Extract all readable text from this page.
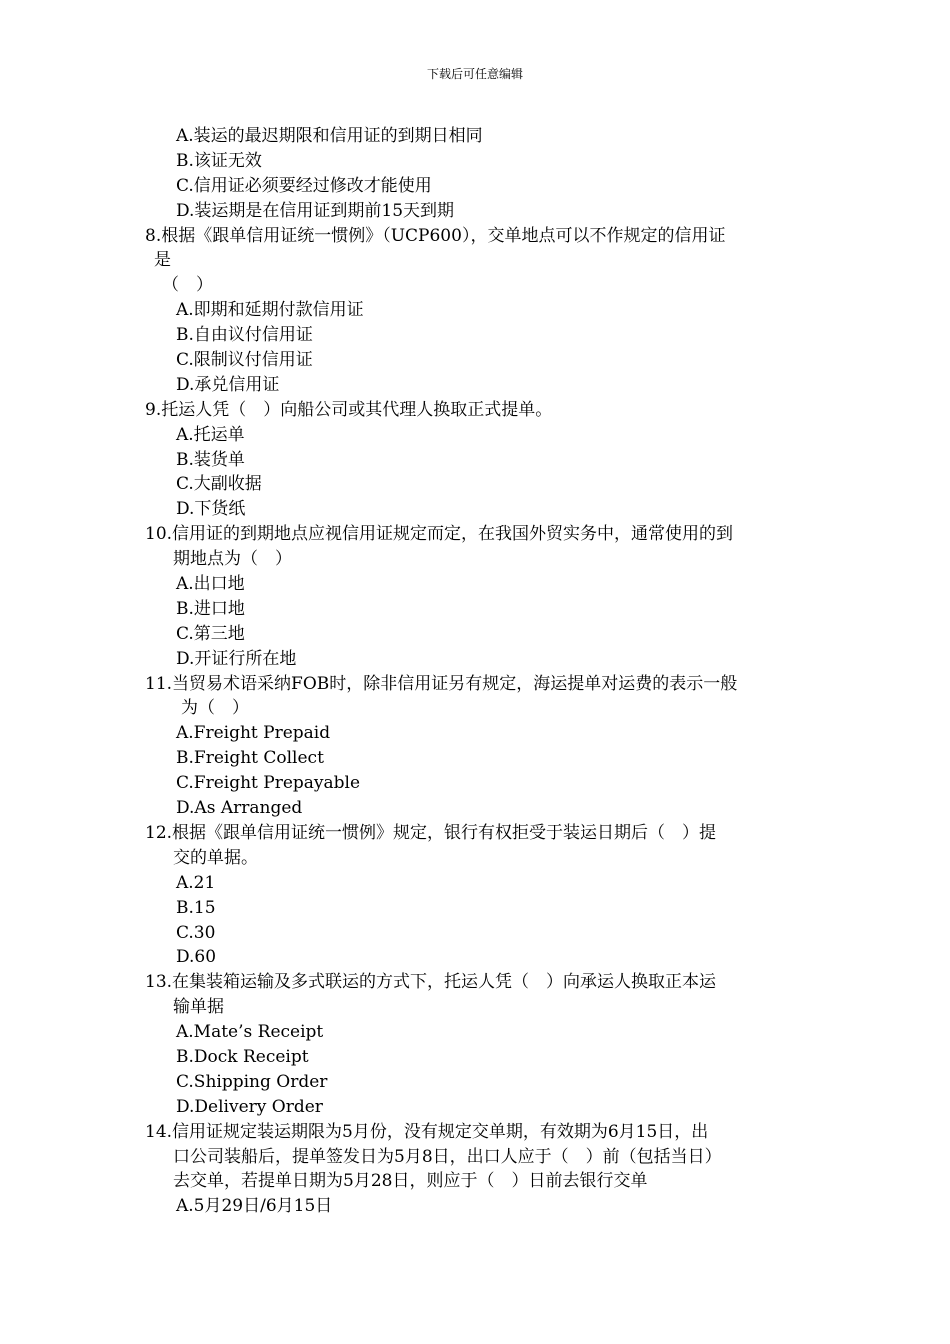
下载后可任意编辑
A.装运的最迟期限和信用证的到期日相同
B.该证无效
C.信用证必须要经过修改才能使用
D.装运期是在信用证到期前15天到期
8.根据《跟单信用证统一惯例》（UCP600），交单地点可以不作规定的信用证
是
（　）
A.即期和延期付款信用证
B.自由议付信用证
C.限制议付信用证
D.承兑信用证
9.托运人凭（　）向船公司或其代理人换取正式提单。
A.托运单
B.装货单
C.大副收据
D.下货纸
10.信用证的到期地点应视信用证规定而定，在我国外贸实务中，通常使用的到
期地点为（　）
A.出口地
B.进口地
C.第三地
D.开证行所在地
11.当贸易术语采纳FOB时，除非信用证另有规定，海运提单对运费的表示一般
为（　）
A.Freight Prepaid
B.Freight Collect
C.Freight Prepayable
D.As Arranged
12.根据《跟单信用证统一惯例》规定，银行有权拒受于装运日期后（　）提
交的单据。
A.21
B.15
C.30
D.60
13.在集装箱运输及多式联运的方式下，托运人凭（　）向承运人换取正本运
输单据
A.Mate’s Receipt
B.Dock Receipt
C.Shipping Order
D.Delivery Order
14.信用证规定装运期限为5月份，没有规定交单期，有效期为6月15日，出
口公司装船后，提单签发日为5月8日，出口人应于（　）前（包括当日）
去交单，若提单日期为5月28日，则应于（　）日前去银行交单
A.5月29日/6月15日
